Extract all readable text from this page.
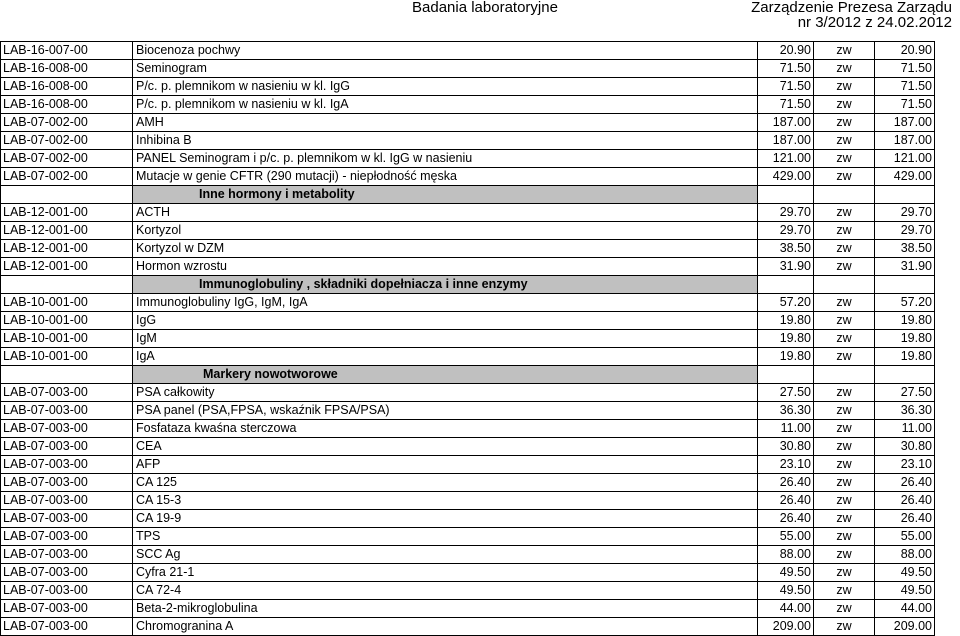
Badania laboratoryjne	Zarządzenie Prezesa Zarządu
nr 3/2012 z 24.02.2012
LAB-16-007-00	Biocenoza pochwy	20.90	zw	20.90
LAB-16-008-00	Seminogram	71.50	zw	71.50
LAB-16-008-00	P/c. p. plemnikom w nasieniu w kl. IgG	71.50	zw	71.50
LAB-16-008-00	P/c. p. plemnikom w nasieniu w kl. IgA	71.50	zw	71.50
LAB-07-002-00	AMH	187.00	zw	187.00
LAB-07-002-00	Inhibina B	187.00	zw	187.00
LAB-07-002-00	PANEL Seminogram i p/c. p. plemnikom w kl. IgG w nasieniu	121.00	zw	121.00
LAB-07-002-00	Mutacje w genie CFTR (290 mutacji) - niepłodność męska	429.00	zw	429.00
	Inne hormony i metabolity			
LAB-12-001-00	ACTH	29.70	zw	29.70
LAB-12-001-00	Kortyzol	29.70	zw	29.70
LAB-12-001-00	Kortyzol w DZM	38.50	zw	38.50
LAB-12-001-00	Hormon wzrostu	31.90	zw	31.90
	Immunoglobuliny , składniki dopełniacza i inne enzymy			
LAB-10-001-00	Immunoglobuliny IgG, IgM, IgA	57.20	zw	57.20
LAB-10-001-00	IgG	19.80	zw	19.80
LAB-10-001-00	IgM	19.80	zw	19.80
LAB-10-001-00	IgA	19.80	zw	19.80
	Markery nowotworowe			
LAB-07-003-00	PSA całkowity	27.50	zw	27.50
LAB-07-003-00	PSA panel (PSA,FPSA, wskaźnik FPSA/PSA)	36.30	zw	36.30
LAB-07-003-00	Fosfataza kwaśna sterczowa	11.00	zw	11.00
LAB-07-003-00	CEA	30.80	zw	30.80
LAB-07-003-00	AFP	23.10	zw	23.10
LAB-07-003-00	CA 125	26.40	zw	26.40
LAB-07-003-00	CA 15-3	26.40	zw	26.40
LAB-07-003-00	CA 19-9	26.40	zw	26.40
LAB-07-003-00	TPS	55.00	zw	55.00
LAB-07-003-00	SCC Ag	88.00	zw	88.00
LAB-07-003-00	Cyfra 21-1	49.50	zw	49.50
LAB-07-003-00	CA 72-4	49.50	zw	49.50
LAB-07-003-00	Beta-2-mikroglobulina	44.00	zw	44.00
LAB-07-003-00	Chromogranina A	209.00	zw	209.00
